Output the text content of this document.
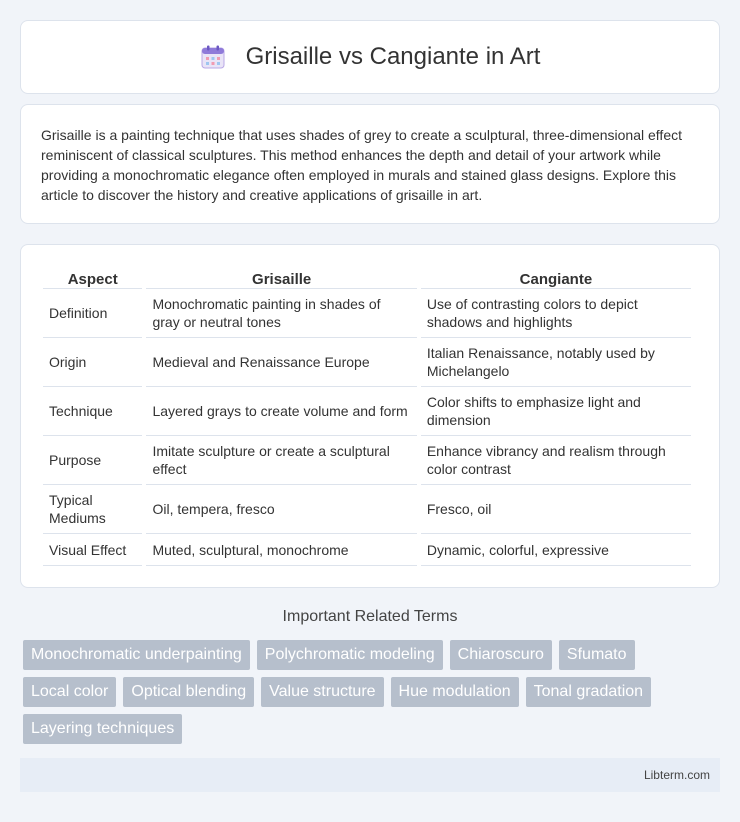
Grisaille vs Cangiante in Art

Grisaille is a painting technique that uses shades of grey to create a sculptural, three-dimensional effect reminiscent of classical sculptures. This method enhances the depth and detail of your artwork while providing a monochromatic elegance often employed in murals and stained glass designs. Explore this article to discover the history and creative applications of grisaille in art.

Aspect	Grisaille	Cangiante
Definition	Monochromatic painting in shades of gray or neutral tones	Use of contrasting colors to depict shadows and highlights
Origin	Medieval and Renaissance Europe	Italian Renaissance, notably used by Michelangelo
Technique	Layered grays to create volume and form	Color shifts to emphasize light and dimension
Purpose	Imitate sculpture or create a sculptural effect	Enhance vibrancy and realism through color contrast
Typical Mediums	Oil, tempera, fresco	Fresco, oil
Visual Effect	Muted, sculptural, monochrome	Dynamic, colorful, expressive
Important Related Terms
Monochromatic underpainting	Polychromatic modeling	Chiaroscuro	Sfumato
Local color	Optical blending	Value structure	Hue modulation	Tonal gradation
Layering techniques
Libterm.com
